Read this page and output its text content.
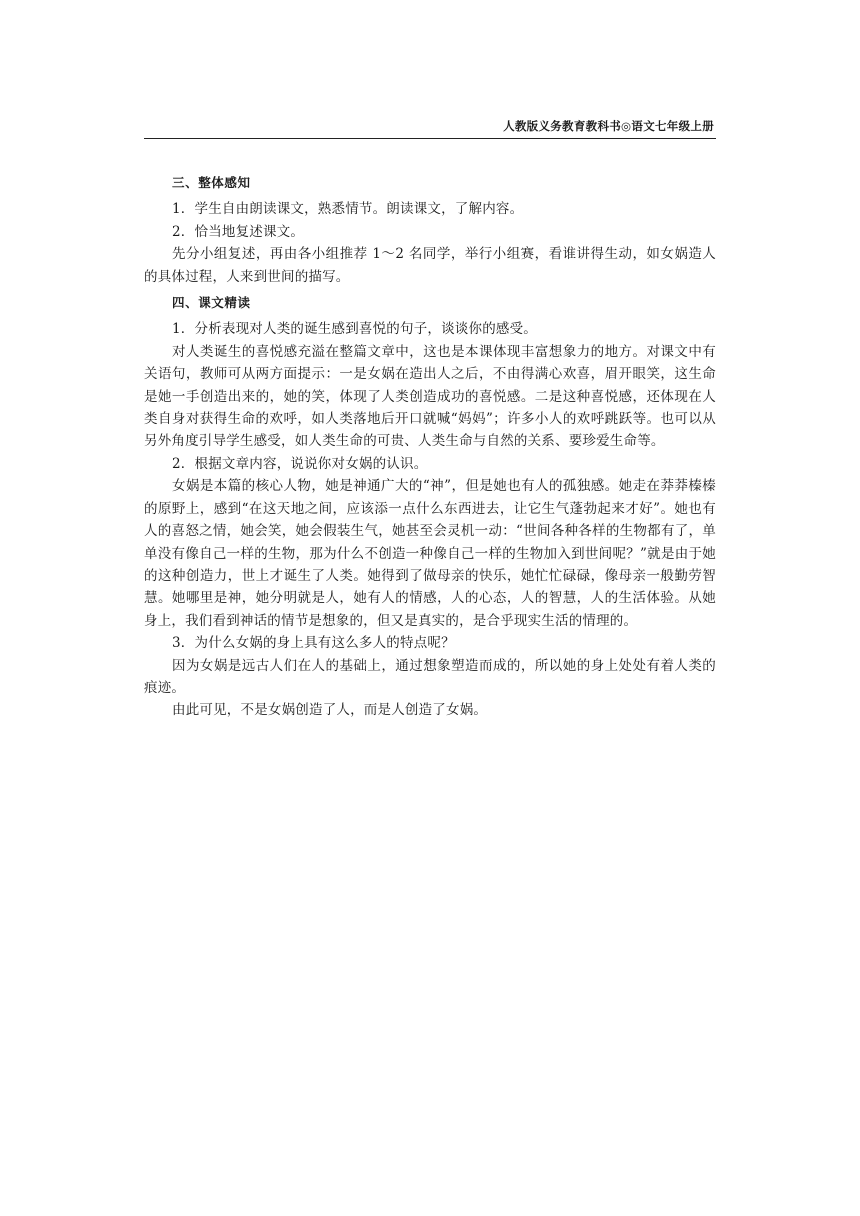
人教版义务教育教科书◎语文七年级上册
三、整体感知

1．学生自由朗读课文，熟悉情节。朗读课文，了解内容。

2．恰当地复述课文。

先分小组复述，再由各小组推荐 1～2 名同学，举行小组赛，看谁讲得生动，如女娲造人的具体过程，人来到世间的描写。

四、课文精读

1．分析表现对人类的诞生感到喜悦的句子，谈谈你的感受。

对人类诞生的喜悦感充溢在整篇文章中，这也是本课体现丰富想象力的地方。对课文中有关语句，教师可从两方面提示：一是女娲在造出人之后，不由得满心欢喜，眉开眼笑，这生命是她一手创造出来的，她的笑，体现了人类创造成功的喜悦感。二是这种喜悦感，还体现在人类自身对获得生命的欢呼，如人类落地后开口就喊“妈妈”；许多小人的欢呼跳跃等。也可以从另外角度引导学生感受，如人类生命的可贵、人类生命与自然的关系、要珍爱生命等。

2．根据文章内容，说说你对女娲的认识。

女娲是本篇的核心人物，她是神通广大的“神”，但是她也有人的孤独感。她走在莽莽榛榛的原野上，感到“在这天地之间，应该添一点什么东西进去，让它生气蓬勃起来才好”。她也有人的喜怒之情，她会笑，她会假装生气，她甚至会灵机一动：“世间各种各样的生物都有了，单单没有像自己一样的生物，那为什么不创造一种像自己一样的生物加入到世间呢？”就是由于她的这种创造力，世上才诞生了人类。她得到了做母亲的快乐，她忙忙碌碌，像母亲一般勤劳智慧。她哪里是神，她分明就是人，她有人的情感，人的心态，人的智慧，人的生活体验。从她身上，我们看到神话的情节是想象的，但又是真实的，是合乎现实生活的情理的。

3．为什么女娲的身上具有这么多人的特点呢？

因为女娲是远古人们在人的基础上，通过想象塑造而成的，所以她的身上处处有着人类的痕迹。

由此可见，不是女娲创造了人，而是人创造了女娲。
